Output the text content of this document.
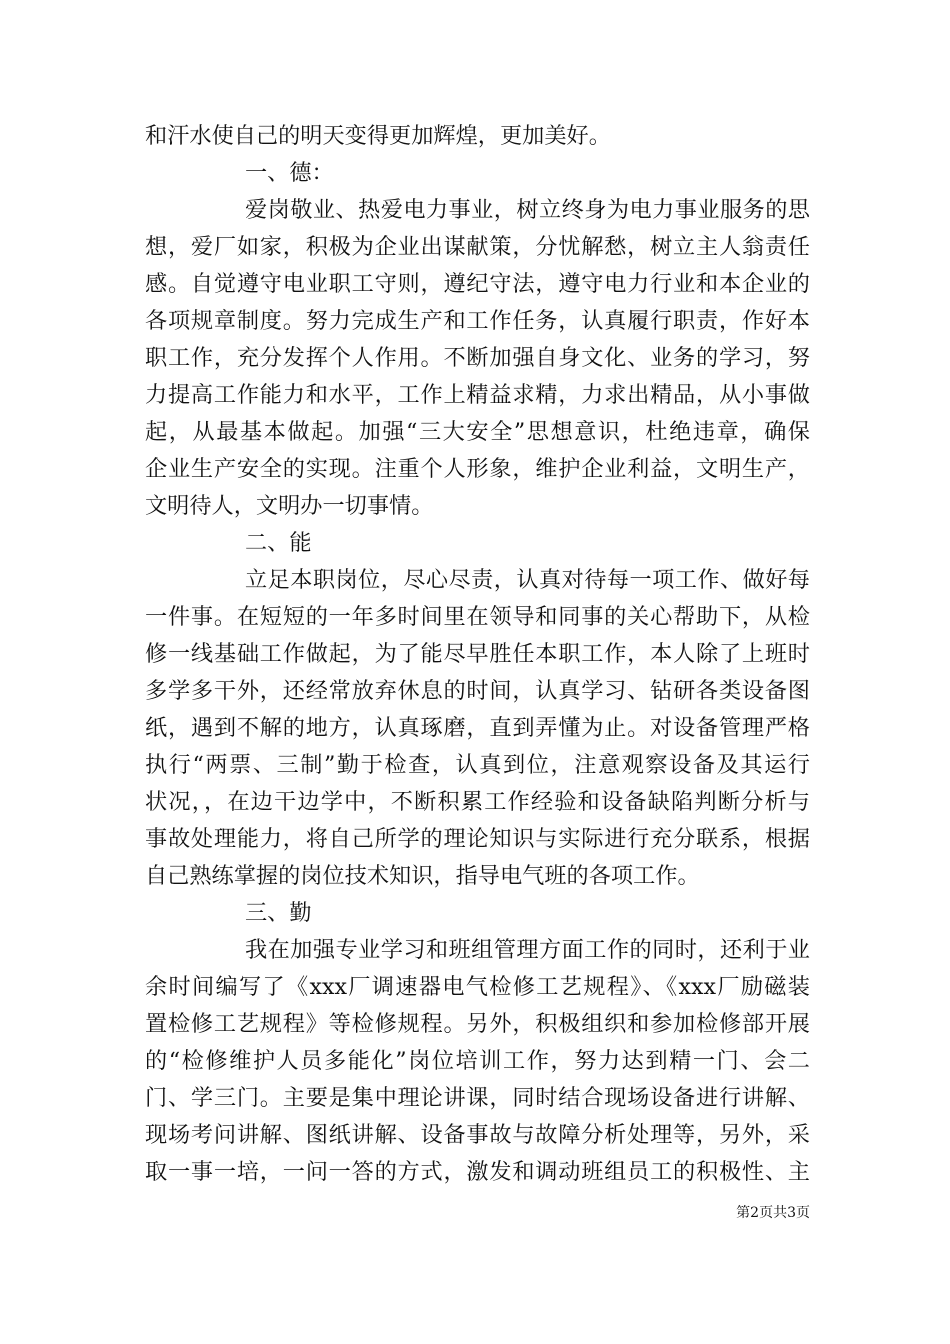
和汗水使自己的明天变得更加辉煌，更加美好。
一、德：
爱岗敬业、热爱电力事业，树立终身为电力事业服务的思
想，爱厂如家，积极为企业出谋献策，分忧解愁，树立主人翁责任
感。自觉遵守电业职工守则，遵纪守法，遵守电力行业和本企业的
各项规章制度。努力完成生产和工作任务，认真履行职责，作好本
职工作，充分发挥个人作用。不断加强自身文化、业务的学习，努
力提高工作能力和水平，工作上精益求精，力求出精品，从小事做
起，从最基本做起。加强“三大安全”思想意识，杜绝违章，确保
企业生产安全的实现。注重个人形象，维护企业利益，文明生产，
文明待人，文明办一切事情。
二、能
立足本职岗位，尽心尽责，认真对待每一项工作、做好每
一件事。在短短的一年多时间里在领导和同事的关心帮助下，从检
修一线基础工作做起，为了能尽早胜任本职工作，本人除了上班时
多学多干外，还经常放弃休息的时间，认真学习、钻研各类设备图
纸，遇到不解的地方，认真琢磨，直到弄懂为止。对设备管理严格
执行“两票、三制”勤于检查，认真到位，注意观察设备及其运行
状况，，在边干边学中，不断积累工作经验和设备缺陷判断分析与
事故处理能力，将自己所学的理论知识与实际进行充分联系，根据
自己熟练掌握的岗位技术知识，指导电气班的各项工作。
三、勤
我在加强专业学习和班组管理方面工作的同时，还利于业
余时间编写了《xxx厂调速器电气检修工艺规程》、《xxx厂励磁装
置检修工艺规程》等检修规程。另外，积极组织和参加检修部开展
的“检修维护人员多能化”岗位培训工作，努力达到精一门、会二
门、学三门。主要是集中理论讲课，同时结合现场设备进行讲解、
现场考问讲解、图纸讲解、设备事故与故障分析处理等，另外，采
取一事一培，一问一答的方式，激发和调动班组员工的积极性、主
第2页共3页
